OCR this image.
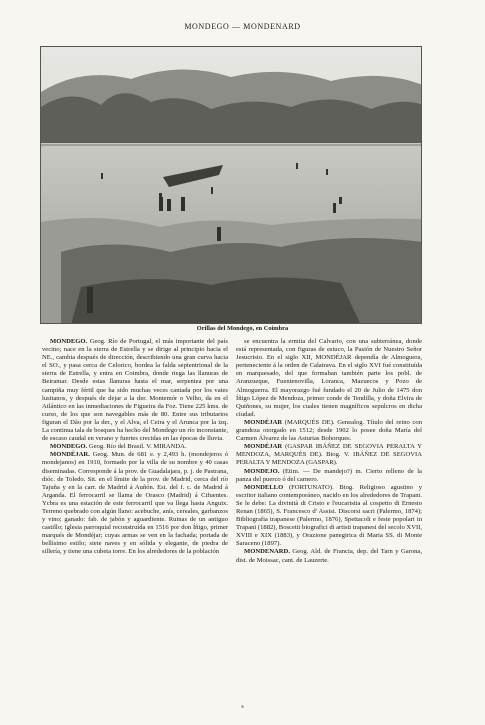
MONDEGO — MONDENARD
Orillas del Mondego, en Coimbra

MONDEGO. Geog. Río de Portugal, el más importante del país vecino; nace en la sierra de Estrella y se dirige al principio hacia el NE., cambia después de dirección, describiendo una gran curva hacia el SO., y pasa cerca de Celorico, bordea la falda septentrional de la sierra de Estrella, y entra en Coimbra, donde riega las llanuras de Beiramar. Desde estas llanuras hasta el mar, serpentea por una campiña muy fértil que ha sido muchas veces cantada por los vates lusitanos, y después de dejar a la der. Montemór o Velho, da en el Atlántico en las inmediaciones de Figueira da Foz. Tiene 225 kms. de curso, de los que son navegables más de 80. Entre sus tributarios figuran el Dão por la der., y el Alva, el Ceira y el Arunca por la izq. La continua tala de bosques ha hecho del Mondego un río inconstante, de escaso caudal en verano y fuertes crecidas en las épocas de lluvia.

MONDEGO. Geog. Río del Brasil. V. MIRANDA.

MONDÉJAR. Geog. Mun. de 681 e. y 2,493 h. (mondejeros ó mondejanos) en 1910, formado por la villa de su nombre y 40 casas diseminadas. Corresponde á la prov. de Guadalajara, p. j. de Pastrana, dióc. de Toledo. Sit. en el límite de la prov. de Madrid, cerca del río Tajuña y en la carr. de Madrid á Auñón. Est. del f. c. de Madrid á Arganda. El ferrocarril se llama de Orasco (Madrid) á Cifuentes. Ycbra es una estación de este ferrocarril que va llega hasta Anguix. Terreno quebrado con algún llano: acebuche, anís, cereales, garbanzos y vino; ganado: fab. de jabón y aguardiente. Ruinas de un antiguo castillo; iglesia parroquial reconstruída en 1516 por don Íñigo, primer marqués de Mondéjar; cuyas armas se ven en la fachada; portada de bellísimo estilo; siete naves y en sólida y elegante, de piedra de sillería, y tiene una cubeta torre. En los alrededores de la población

se encuentra la ermita del Calvario, con una subterránea, donde está representada, con figuras de estuco, la Pasión de Nuestro Señor Jesucristo. En el siglo XII, MONDÉJAR dependía de Almoguera, perteneciente á la orden de Calatrava. En el siglo XVI fué constituída en marquesado, del que formaban también parte los pobl. de Aranzueque, Fuentenovilla, Loranca, Mazuecos y Pozo de Almoguerra. El mayorazgo fué fundado el 20 de Julio de 1475 don Íñigo López de Mendoza, primer conde de Tendilla, y doña Elvira de Quiñones, su mujer, los cuales tienen magníficos sepulcros en dicha ciudad.

MONDÉJAR (MARQUÉS DE). Genealog. Título del reino con grandeza otorgado en 1512; desde 1902 lo posee doña María del Carmen Álvarez de las Asturias Bohorques.

MONDÉJAR (GASPAR IBÁÑEZ DE SEGOVIA PERALTA Y MENDOZA, MARQUÉS DE). Biog. V. IBÁÑEZ DE SEGOVIA PERALTA Y MENDOZA (GASPAR).

MONDEJO. (Etim. — De mandejo?) m. Cierto relleno de la panza del puerco ó del carnero.

MONDELLO (FORTUNATO). Biog. Religioso agustino y escritor italiano contemporáneo, nacido en los alrededores de Trapani. Se le debe: La divinità di Cristo e l'eucaristia al cospetto di Ernesto Renan (1865), S. Francesco d' Assisi. Discorsi sacri (Palermo, 1874); Bibliografia trapanese (Palermo, 1876), Spettacoli e feste popolari in Trapani (1882), Boscetti biografici di artisti trapanesi del secolo XVII, XVIII e XIX (1883), y Orazione panegirica di Maria SS. di Monte Saraceno (1897).

MONDENARD. Geog. Ald. de Francia, dep. del Tarn y Garona, dist. de Moissac, cant. de Lauzerte.

s
